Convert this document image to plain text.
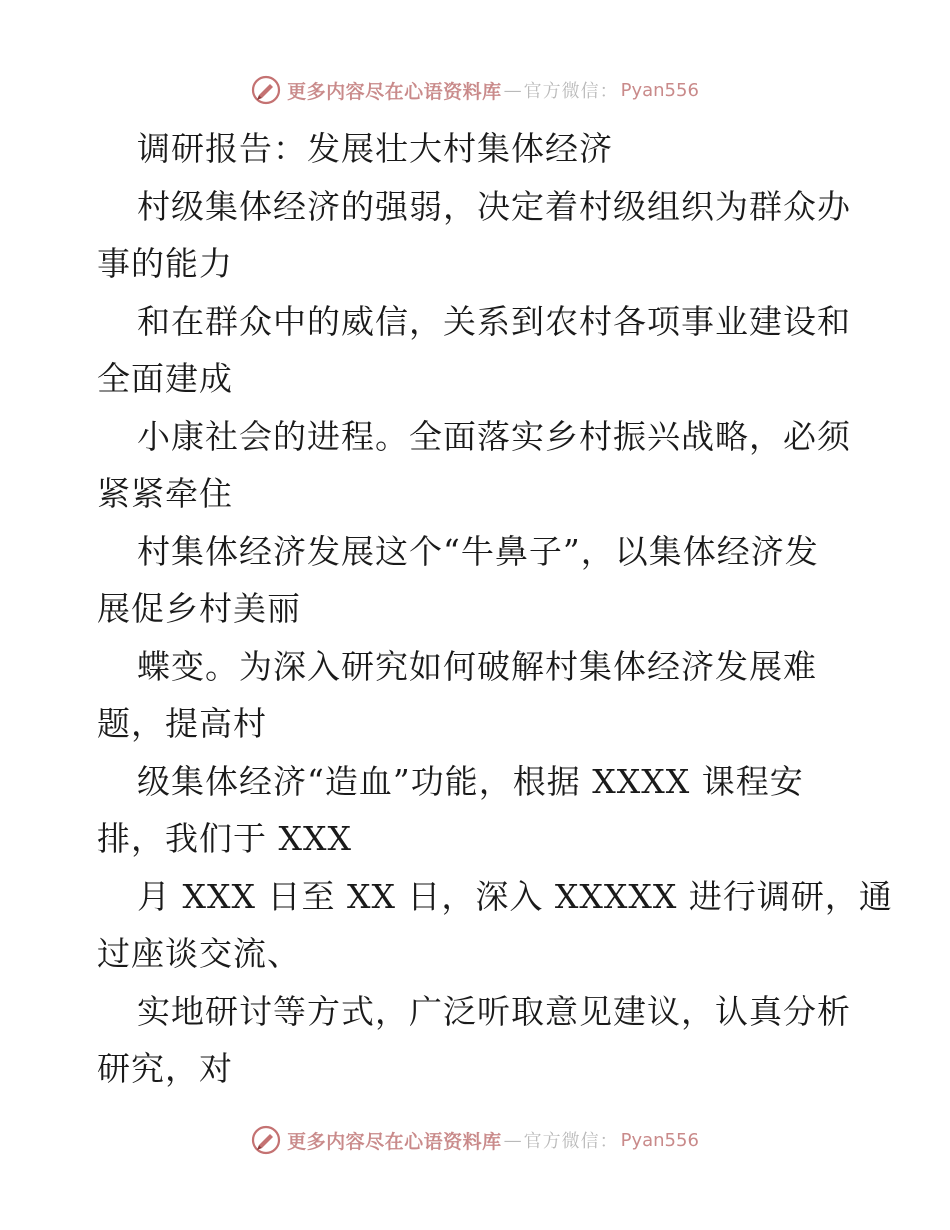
更多内容尽在心语资料库 — 官方微信： Pyan556
调研报告：发展壮大村集体经济
村级集体经济的强弱，决定着村级组织为群众办
事的能力
和在群众中的威信，关系到农村各项事业建设和
全面建成
小康社会的进程。全面落实乡村振兴战略，必须
紧紧牵住
村集体经济发展这个“牛鼻子”，以集体经济发
展促乡村美丽
蝶变。为深入研究如何破解村集体经济发展难
题，提高村
级集体经济“造血”功能，根据 XXXX 课程安
排，我们于 XXX
月 XXX 日至 XX 日，深入 XXXXX 进行调研，通
过座谈交流、
实地研讨等方式，广泛听取意见建议，认真分析
研究，对
更多内容尽在心语资料库 — 官方微信： Pyan556
